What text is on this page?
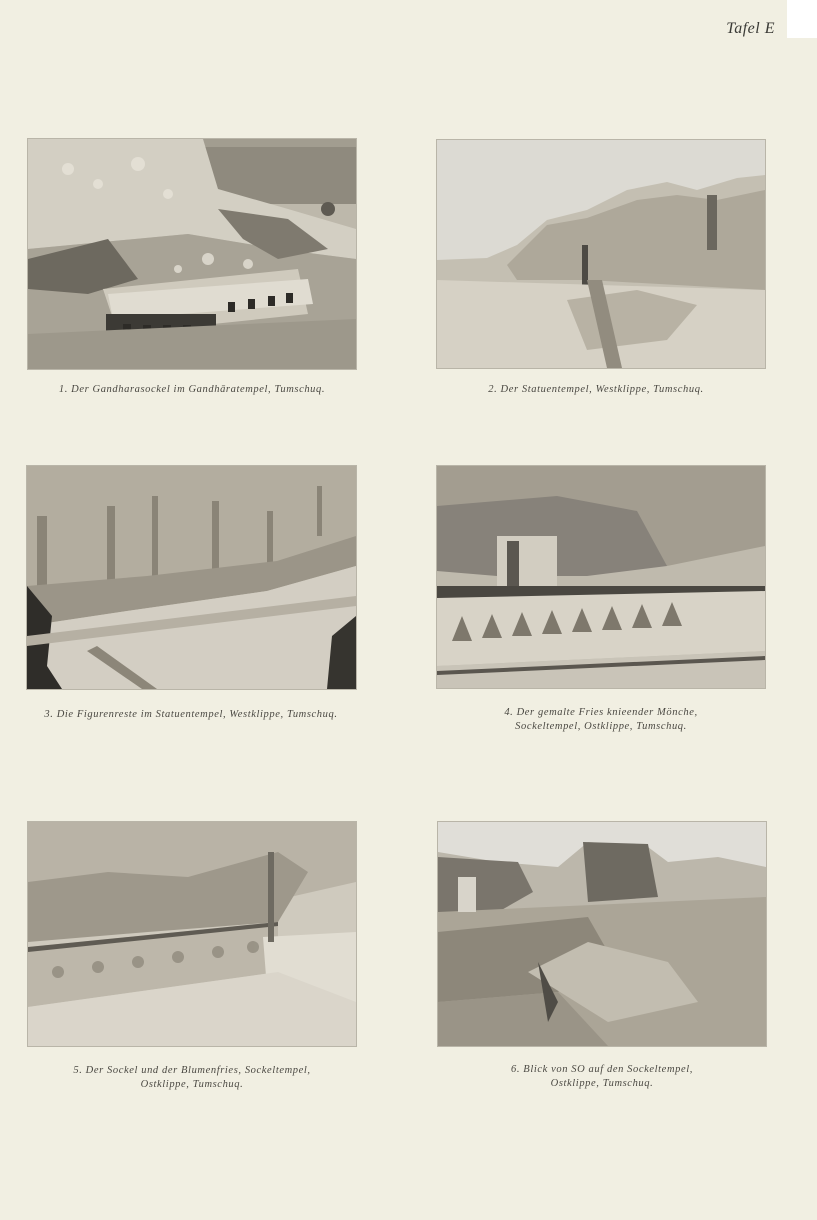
Tafel E
1. Der Gandharasockel im Gandhāratempel, Tumschuq.	2. Der Statuentempel, Westklippe, Tumschuq.
3. Die Figurenreste im Statuentempel, Westklippe, Tumschuq.	4. Der gemalte Fries knieender Mönche,
Sockeltempel, Ostklippe, Tumschuq.
5. Der Sockel und der Blumenfries, Sockeltempel,
Ostklippe, Tumschuq.
6. Blick von SO auf den Sockeltempel,
Ostklippe, Tumschuq.
